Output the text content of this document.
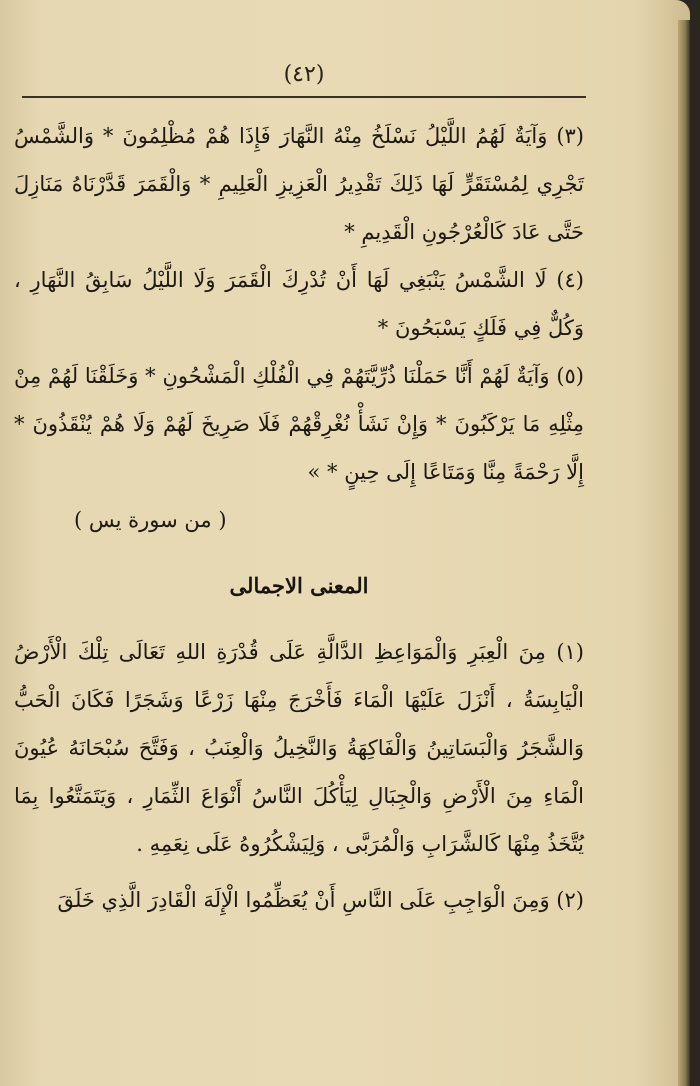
(٤٢)

(٣) وَآيَةٌ لَهُمُ اللَّيْلُ نَسْلَخُ مِنْهُ النَّهَارَ فَإِذَا هُمْ مُظْلِمُونَ * وَالشَّمْسُ تَجْرِي لِمُسْتَقَرٍّ لَهَا ذَلِكَ تَقْدِيرُ الْعَزِيزِ الْعَلِيمِ * وَالْقَمَرَ قَدَّرْنَاهُ مَنَازِلَ حَتَّى عَادَ كَالْعُرْجُونِ الْقَدِيمِ *

(٤) لَا الشَّمْسُ يَنْبَغِي لَهَا أَنْ تُدْرِكَ الْقَمَرَ وَلَا اللَّيْلُ سَابِقُ النَّهَارِ ، وَكُلٌّ فِي فَلَكٍ يَسْبَحُونَ *

(٥) وَآيَةٌ لَهُمْ أَنَّا حَمَلْنَا ذُرِّيَّتَهُمْ فِي الْفُلْكِ الْمَشْحُونِ * وَخَلَقْنَا لَهُمْ مِنْ مِثْلِهِ مَا يَرْكَبُونَ * وَإِنْ نَشَأْ نُغْرِقْهُمْ فَلَا صَرِيخَ لَهُمْ وَلَا هُمْ يُنْقَذُونَ * إِلَّا رَحْمَةً مِنَّا وَمَتَاعًا إِلَى حِينٍ * »

( من سورة يس )

المعنى الاجمالى

(١) مِنَ الْعِبَرِ وَالْمَوَاعِظِ الدَّالَّةِ عَلَى قُدْرَةِ اللهِ تَعَالَى تِلْكَ الْأَرْضُ الْيَابِسَةُ ، أَنْزَلَ عَلَيْهَا الْمَاءَ فَأَخْرَجَ مِنْهَا زَرْعًا وَشَجَرًا فَكَانَ الْحَبُّ وَالشَّجَرُ وَالْبَسَاتِينُ وَالْفَاكِهَةُ وَالنَّخِيلُ وَالْعِنَبُ ، وَفَتَّحَ سُبْحَانَهُ عُيُونَ الْمَاءِ مِنَ الْأَرْضِ وَالْجِبَالِ لِيَأْكُلَ النَّاسُ أَنْوَاعَ الثِّمَارِ ، وَيَتَمَتَّعُوا بِمَا يُتَّخَذُ مِنْهَا كَالشَّرَابِ وَالْمُرَبَّى ، وَلِيَشْكُرُوهُ عَلَى نِعَمِهِ .

(٢) وَمِنَ الْوَاجِبِ عَلَى النَّاسِ أَنْ يُعَظِّمُوا الْإِلَهَ الْقَادِرَ الَّذِي خَلَقَ
